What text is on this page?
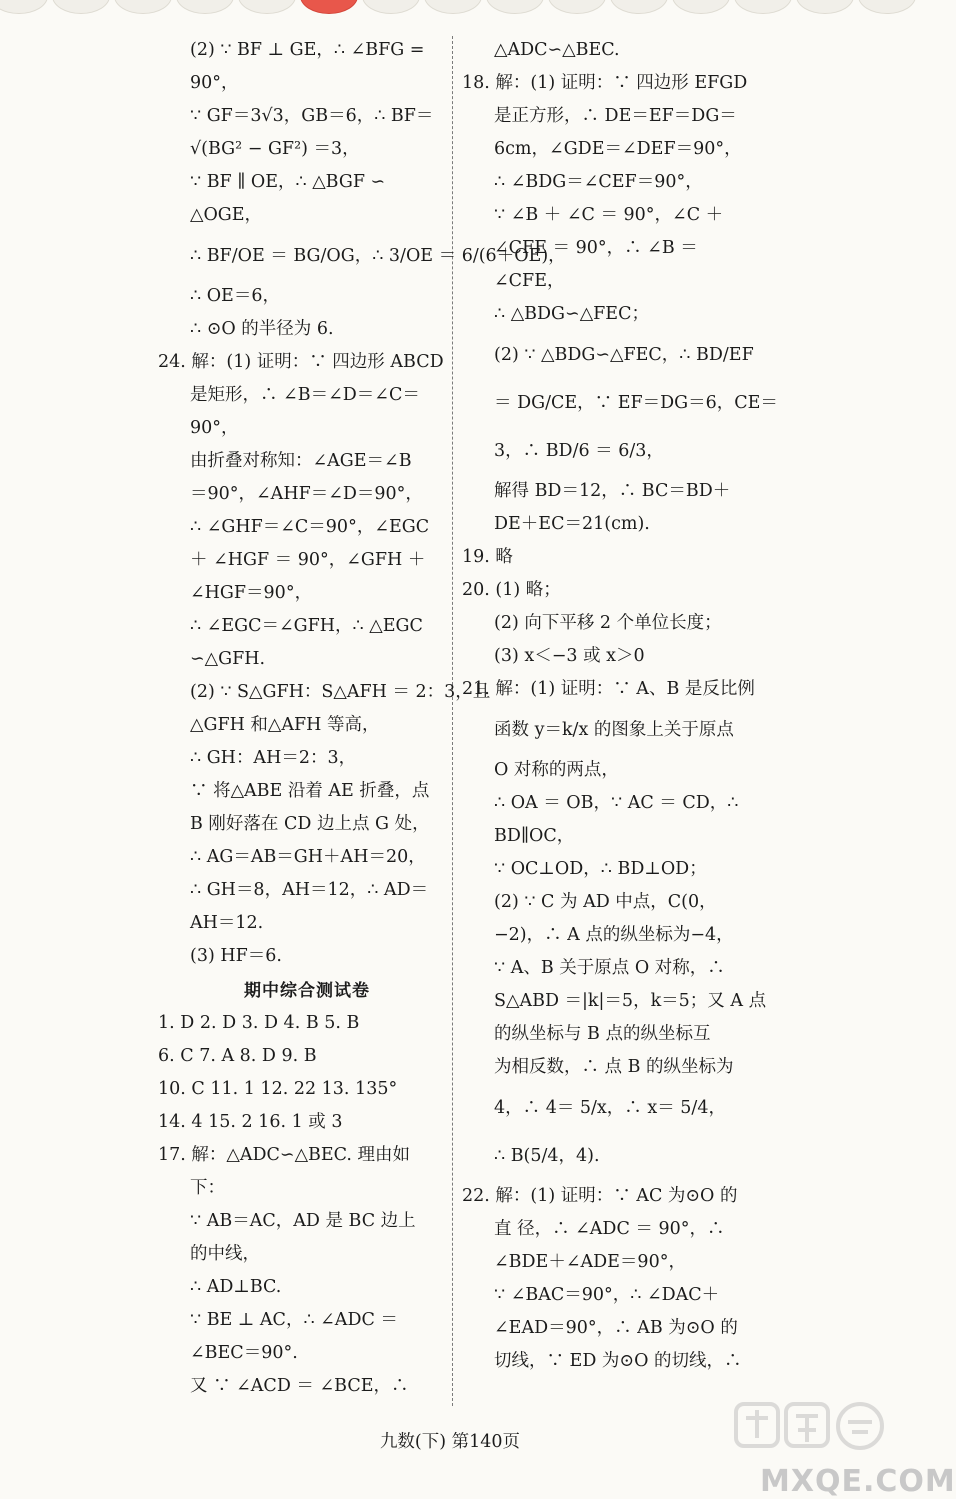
(2) ∵ BF ⊥ GE，∴ ∠BFG =
90°，
∵ GF＝3√3，GB＝6，∴ BF＝
√(BG² − GF²) ＝3，
∵ BF ∥ OE，∴ △BGF ∽
△OGE，
∴ BF/OE ＝ BG/OG，∴ 3/OE ＝ 6/(6＋OE)，
∴ OE＝6，
∴ ⊙O 的半径为 6.
24. 解：(1) 证明：∵ 四边形 ABCD
是矩形，∴ ∠B＝∠D＝∠C＝
90°，
由折叠对称知：∠AGE＝∠B
＝90°，∠AHF＝∠D＝90°，
∴ ∠GHF＝∠C＝90°，∠EGC
＋ ∠HGF ＝ 90°，∠GFH ＋
∠HGF＝90°，
∴ ∠EGC＝∠GFH，∴ △EGC
∽△GFH.
(2) ∵ S△GFH：S△AFH ＝ 2：3，且
△GFH 和△AFH 等高，
∴ GH：AH＝2：3，
∵ 将△ABE 沿着 AE 折叠，点
B 刚好落在 CD 边上点 G 处，
∴ AG＝AB＝GH＋AH＝20，
∴ GH＝8，AH＝12，∴ AD＝
AH＝12.
(3) HF＝6.
期中综合测试卷
1. D 2. D 3. D 4. B 5. B
6. C 7. A 8. D 9. B
10. C 11. 1 12. 22 13. 135°
14. 4 15. 2 16. 1 或 3
17. 解：△ADC∽△BEC. 理由如
下：
∵ AB＝AC，AD 是 BC 边上
的中线，
∴ AD⊥BC.
∵ BE ⊥ AC，∴ ∠ADC ＝
∠BEC＝90°.
又 ∵ ∠ACD ＝ ∠BCE，∴
△ADC∽△BEC.
18. 解：(1) 证明：∵ 四边形 EFGD
是正方形，∴ DE＝EF＝DG＝
6cm，∠GDE＝∠DEF＝90°，
∴ ∠BDG＝∠CEF＝90°，
∵ ∠B ＋ ∠C ＝ 90°，∠C ＋
∠CFE ＝ 90°，∴ ∠B ＝
∠CFE，
∴ △BDG∽△FEC；
(2) ∵ △BDG∽△FEC，∴ BD/EF
＝ DG/CE，∵ EF＝DG＝6，CE＝
3，∴ BD/6 ＝ 6/3，
解得 BD＝12，∴ BC＝BD＋
DE＋EC＝21(cm).
19. 略
20. (1) 略；
(2) 向下平移 2 个单位长度；
(3) x＜−3 或 x＞0
21. 解：(1) 证明：∵ A、B 是反比例
函数 y＝k/x 的图象上关于原点
O 对称的两点，
∴ OA ＝ OB，∵ AC ＝ CD，∴
BD∥OC，
∵ OC⊥OD，∴ BD⊥OD；
(2) ∵ C 为 AD 中点，C(0，
−2)，∴ A 点的纵坐标为−4，
∵ A、B 关于原点 O 对称，∴
S△ABD ＝|k|＝5，k＝5；又 A 点
的纵坐标与 B 点的纵坐标互
为相反数，∴ 点 B 的纵坐标为
4，∴ 4＝ 5/x，∴ x＝ 5/4，
∴ B(5/4，4).
22. 解：(1) 证明：∵ AC 为⊙O 的
直 径，∴ ∠ADC ＝ 90°，∴
∠BDE＋∠ADE＝90°，
∵ ∠BAC＝90°，∴ ∠DAC＋
∠EAD＝90°，∴ AB 为⊙O 的
切线，∵ ED 为⊙O 的切线，∴
九数(下) 第140页
MXQE.COM
